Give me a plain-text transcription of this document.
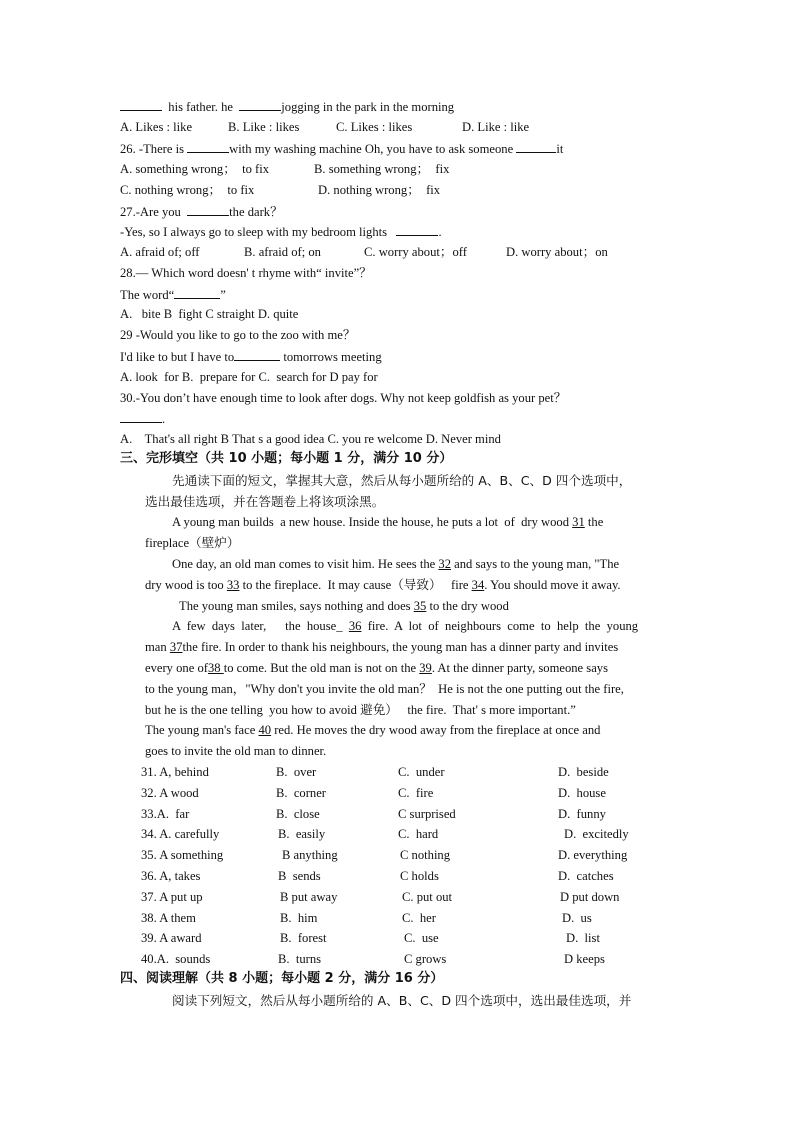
his father. he	jogging in the park in the morning
A. Likes : like	B. Like : likes	C. Likes : likes	D. Like : like
26. -There is	with my washing machine Oh, you have to ask someone	it
A. something wrong；  to fix	B. something wrong；  fix
C. nothing wrong；  to fix	D. nothing wrong；  fix
27.-Are you	the dark？
-Yes, so I always go to sleep with my bedroom lights	.
A. afraid of; off	B. afraid of; on	C. worry about；off	D. worry about；on
28.— Which word doesn' t rhyme with“ invite”？
The word“	”
A.   bite B  fight C straight D. quite
29 -Would you like to go to the zoo with me？
I'd like to but I have to	tomorrows meeting
A. look  for B.  prepare for C.  search for D pay for
30.-You don’t have enough time to look after dogs. Why not keep goldfish as your pet？
.
A.    That's all right B That s a good idea C. you re welcome D. Never mind
三、完形填空（共 10 小题；每小题 1 分，满分 10 分）
先通读下面的短文，掌握其大意，然后从每小题所给的 A、B、C、D 四个选项中，
选出最佳选项，并在答题卷上将该项涂黑。
A young man builds  a new house. Inside the house, he puts a lot  of  dry wood 31 the
fireplace（壁炉）
One day, an old man comes to visit him. He sees the 32 and says to the young man, "The
dry wood is too 33 to the fireplace.  It may cause（导致）   fire 34. You should move it away.
The young man smiles, says nothing and does 35 to the dry wood
A  few  days  later,      the  house_  36  fire.  A  lot  of  neighbours  come  to  help  the  young
man 37the fire. In order to thank his neighbours, the young man has a dinner party and invites
every one of38 to come. But the old man is not on the 39. At the dinner party, someone says
to the young man，"Why don't you invite the old man？  He is not the one putting out the fire,
but he is the one telling  you how to avoid 避免）   the fire.  That' s more important.”
The young man's face 40 red. He moves the dry wood away from the fireplace at once and
goes to invite the old man to dinner.
31. A, behind	B.  over	C.  under	D.  beside
32. A wood	B.  corner	C.  fire	D.  house
33.A.  far	B.  close	C surprised	D.  funny
34. A. carefully	B.  easily	C.  hard	D.  excitedly
35. A something	B anything	C nothing	D. everything
36. A, takes	B  sends	C holds	D.  catches
37. A put up	B put away	C. put out	D put down
38. A them	B.  him	C.  her	D.  us
39. A award	B.  forest	C.  use	D.  list
40.A.  sounds	B.  turns	C grows	D keeps
四、阅读理解（共 8 小题；每小题 2 分，满分 16 分）
阅读下列短文，然后从每小题所给的 A、B、C、D 四个选项中，选出最佳选项，并
